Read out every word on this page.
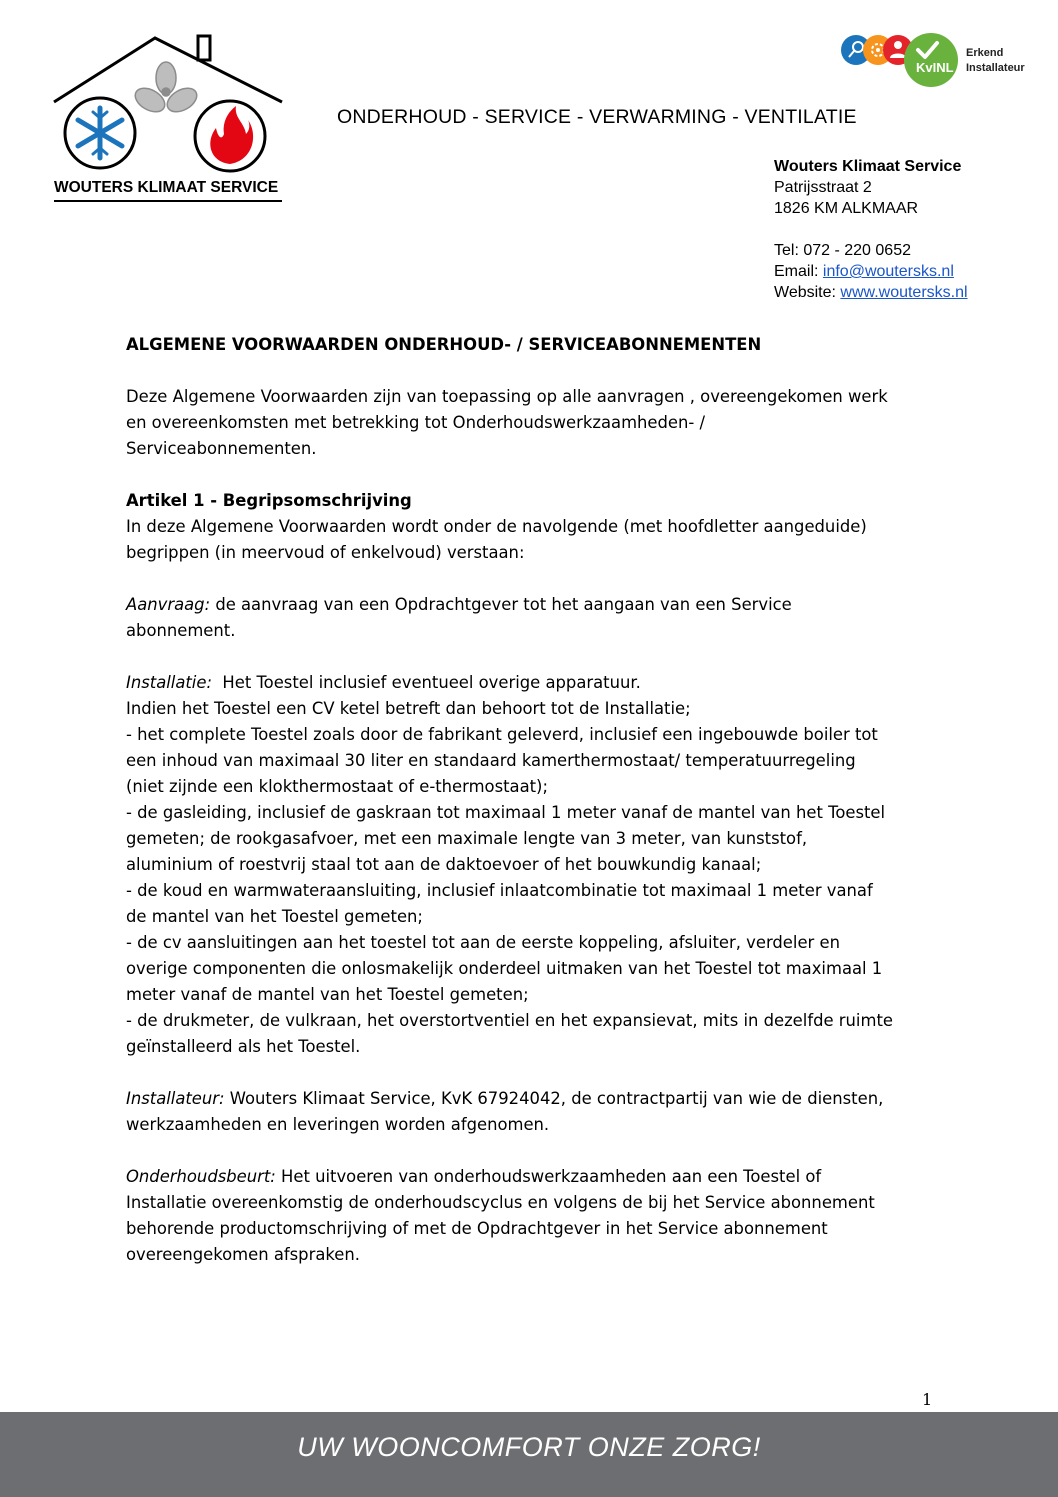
WOUTERS KLIMAAT SERVICE
ONDERHOUD - SERVICE - VERWARMING - VENTILATIE
KvINL
Erkend
Installateur
Wouters Klimaat Service
Patrijsstraat 2
1826 KM ALKMAAR
Tel: 072 - 220 0652
Email: info@woutersks.nl
Website: www.woutersks.nl

ALGEMENE VOORWAARDEN ONDERHOUD- / SERVICEABONNEMENTEN

Deze Algemene Voorwaarden zijn van toepassing op alle aanvragen , overeengekomen werk
en overeenkomsten met betrekking tot Onderhoudswerkzaamheden- /
Serviceabonnementen.

Artikel 1 - Begripsomschrijving
In deze Algemene Voorwaarden wordt onder de navolgende (met hoofdletter aangeduide)
begrippen (in meervoud of enkelvoud) verstaan:

Aanvraag: de aanvraag van een Opdrachtgever tot het aangaan van een Service
abonnement.

Installatie:  Het Toestel inclusief eventueel overige apparatuur.
Indien het Toestel een CV ketel betreft dan behoort tot de Installatie;
- het complete Toestel zoals door de fabrikant geleverd, inclusief een ingebouwde boiler tot
een inhoud van maximaal 30 liter en standaard kamerthermostaat/ temperatuurregeling
(niet zijnde een klokthermostaat of e-thermostaat);
- de gasleiding, inclusief de gaskraan tot maximaal 1 meter vanaf de mantel van het Toestel
gemeten; de rookgasafvoer, met een maximale lengte van 3 meter, van kunststof,
aluminium of roestvrij staal tot aan de daktoevoer of het bouwkundig kanaal;
- de koud en warmwateraansluiting, inclusief inlaatcombinatie tot maximaal 1 meter vanaf
de mantel van het Toestel gemeten;
- de cv aansluitingen aan het toestel tot aan de eerste koppeling, afsluiter, verdeler en
overige componenten die onlosmakelijk onderdeel uitmaken van het Toestel tot maximaal 1
meter vanaf de mantel van het Toestel gemeten;
- de drukmeter, de vulkraan, het overstortventiel en het expansievat, mits in dezelfde ruimte
geïnstalleerd als het Toestel.

Installateur: Wouters Klimaat Service, KvK 67924042, de contractpartij van wie de diensten,
werkzaamheden en leveringen worden afgenomen.

Onderhoudsbeurt: Het uitvoeren van onderhoudswerkzaamheden aan een Toestel of
Installatie overeenkomstig de onderhoudscyclus en volgens de bij het Service abonnement
behorende productomschrijving of met de Opdrachtgever in het Service abonnement
overeengekomen afspraken.

1
UW WOONCOMFORT ONZE ZORG!
